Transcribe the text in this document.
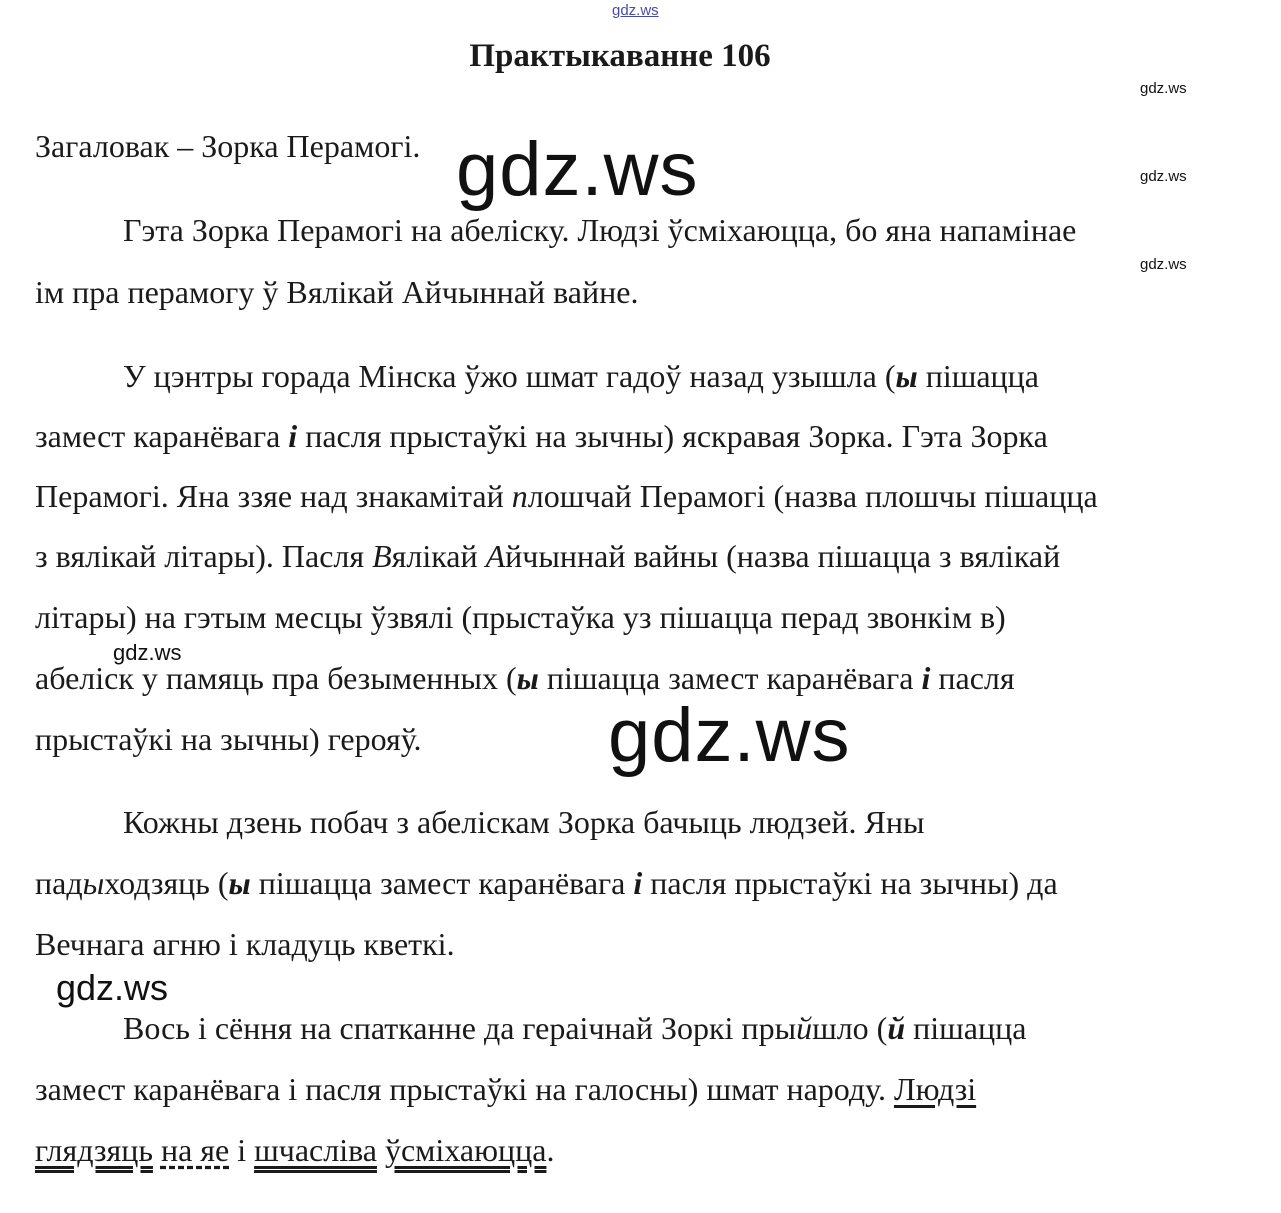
gdz.ws
Практыкаванне 106
gdz.ws
gdz.ws
gdz.ws
Загаловак – Зорка Перамогі.
Гэта Зорка Перамогі на абеліску. Людзі ўсміхаюцца, бо яна напамінае
ім пра перамогу ў Вялікай Айчыннай вайне.
У цэнтры горада Мінска ўжо шмат гадоў назад узышла (ы пішацца
замест каранёвага і пасля прыстаўкі на зычны) яскравая Зорка. Гэта Зорка
Перамогі. Яна ззяе над знакамітай плошчай Перамогі (назва плошчы пішацца
з вялікай літары). Пасля Вялікай Айчыннай вайны (назва пішацца з вялікай
літары) на гэтым месцы ўзвялі (прыстаўка уз пішацца перад звонкім в)
абеліск у памяць пра безыменных (ы пішацца замест каранёвага і пасля
прыстаўкі на зычны) герояў.
Кожны дзень побач з абеліскам Зорка бачыць людзей. Яны
падыходзяць (ы пішацца замест каранёвага і пасля прыстаўкі на зычны) да
Вечнага агню і кладуць кветкі.
Вось і сёння на спатканне да гераічнай Зоркі прыйшло (й пішацца
замест каранёвага і пасля прыстаўкі на галосны) шмат народу. Людзі
глядзяць на яе і шчасліва ўсміхаюцца.
gdz.ws
gdz.ws
gdz.ws
gdz.ws
